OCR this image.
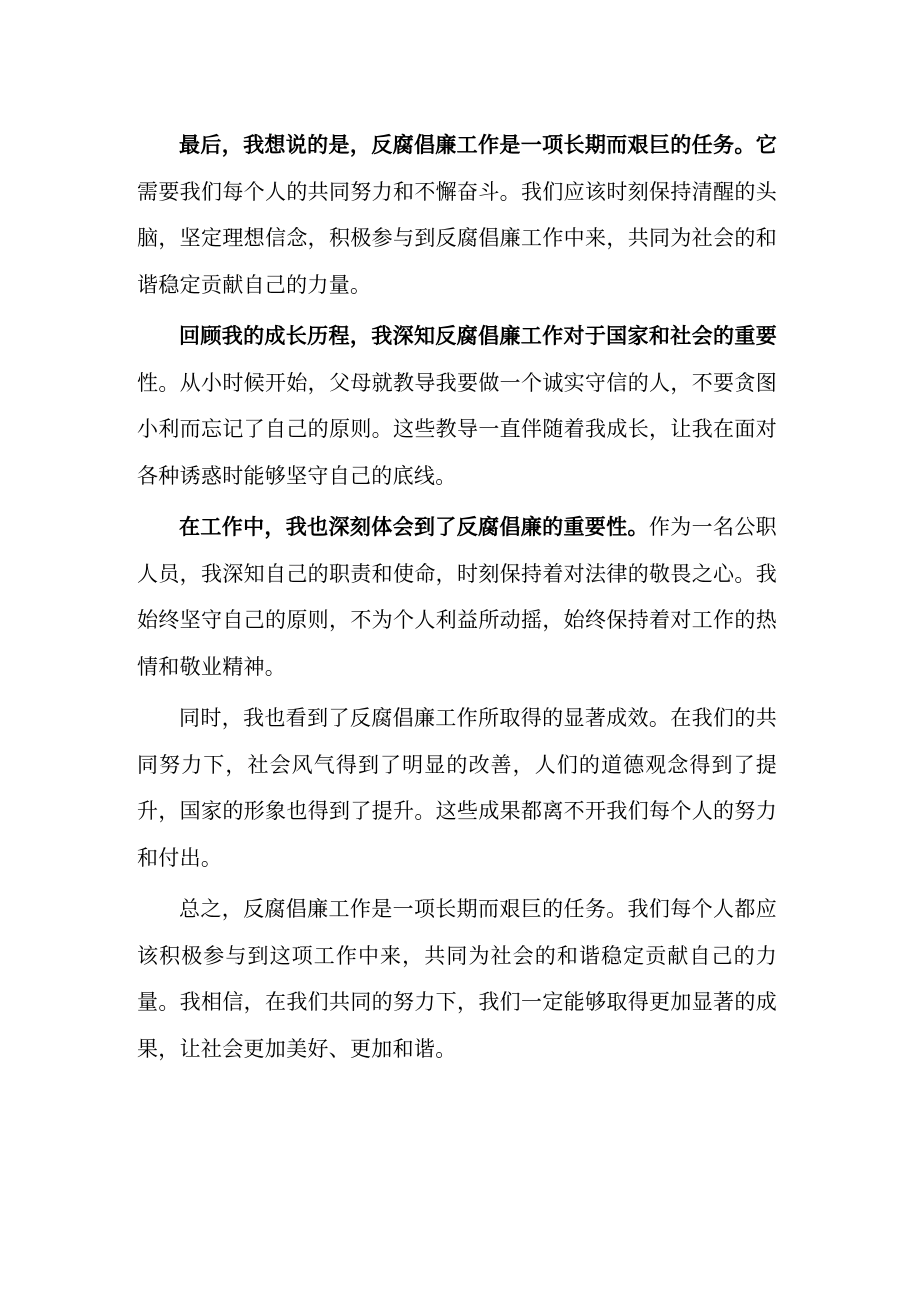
最后，我想说的是，反腐倡廉工作是一项长期而艰巨的任务。它需要我们每个人的共同努力和不懈奋斗。我们应该时刻保持清醒的头脑，坚定理想信念，积极参与到反腐倡廉工作中来，共同为社会的和谐稳定贡献自己的力量。

回顾我的成长历程，我深知反腐倡廉工作对于国家和社会的重要性。从小时候开始，父母就教导我要做一个诚实守信的人，不要贪图小利而忘记了自己的原则。这些教导一直伴随着我成长，让我在面对各种诱惑时能够坚守自己的底线。

在工作中，我也深刻体会到了反腐倡廉的重要性。作为一名公职人员，我深知自己的职责和使命，时刻保持着对法律的敬畏之心。我始终坚守自己的原则，不为个人利益所动摇，始终保持着对工作的热情和敬业精神。

同时，我也看到了反腐倡廉工作所取得的显著成效。在我们的共同努力下，社会风气得到了明显的改善，人们的道德观念得到了提升，国家的形象也得到了提升。这些成果都离不开我们每个人的努力和付出。

总之，反腐倡廉工作是一项长期而艰巨的任务。我们每个人都应该积极参与到这项工作中来，共同为社会的和谐稳定贡献自己的力量。我相信，在我们共同的努力下，我们一定能够取得更加显著的成果，让社会更加美好、更加和谐。
